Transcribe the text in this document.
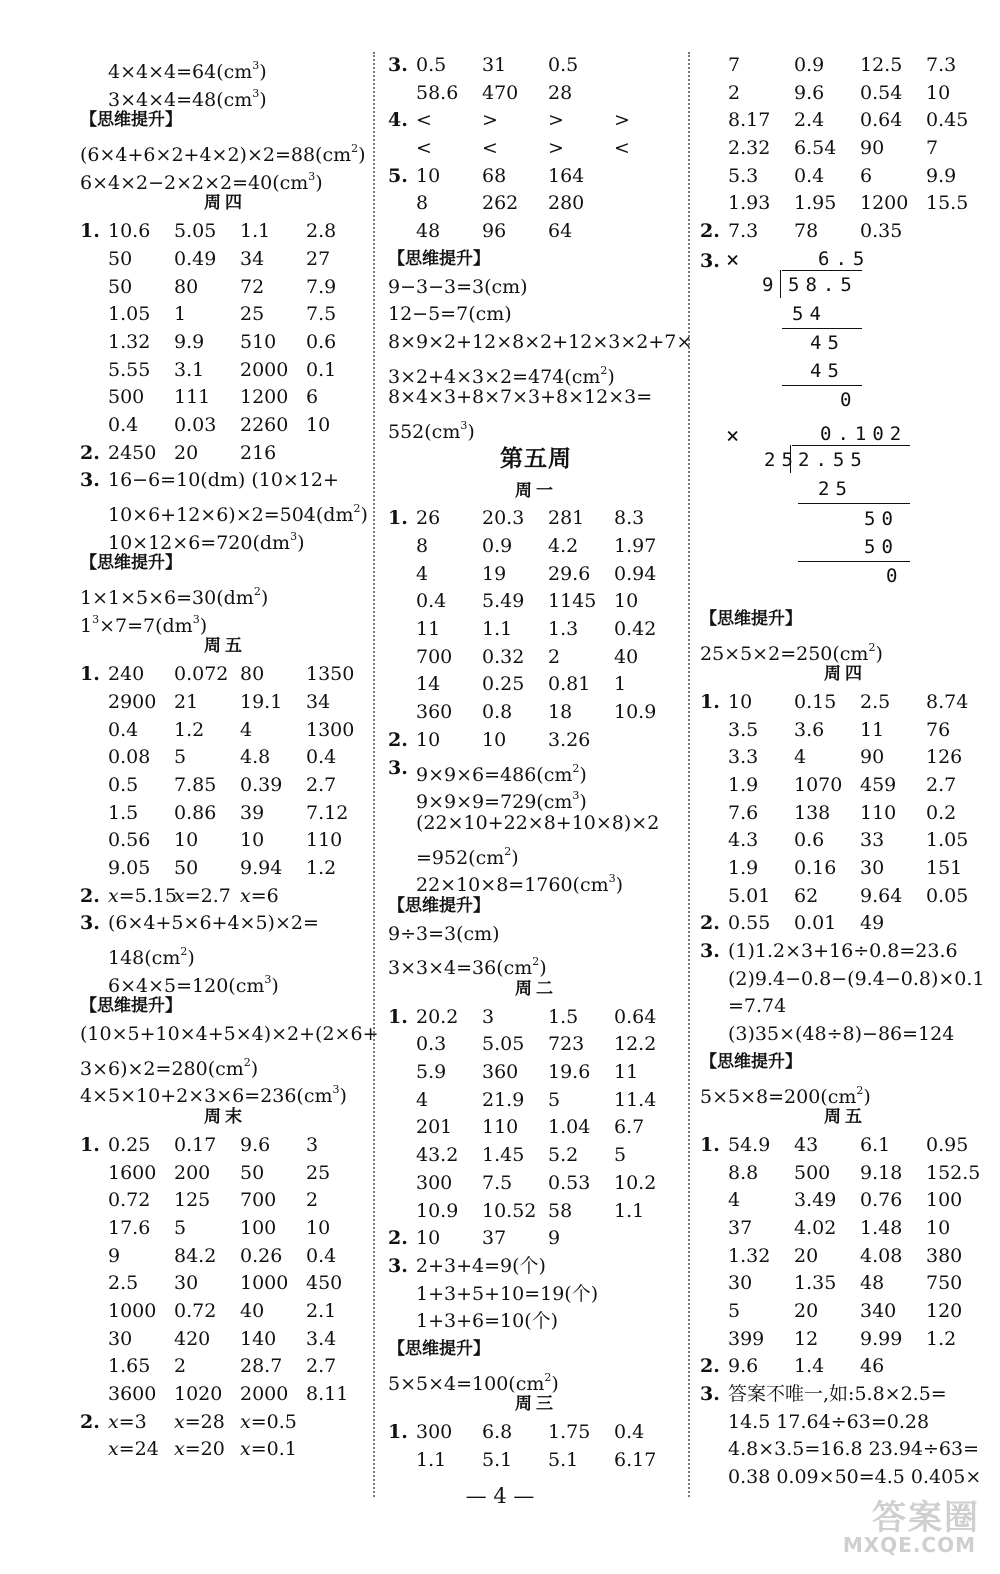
$4\times 4\times 4=64(cm^3)$
$3\times 4\times 4=48(cm^3)$
【思维提升】
$(6\times 4+6\times 2+4\times 2)\times 2=88(cm^2)$
$6\times 4\times 2-2\times 2\times 2=40(cm^3)$
周四
1. 10.6 5.05 1.1 2.8
50 0.49 34 27
50 80 72 7.9
1.05 1	25 7.5
1.32 9.9 510 0.6
5.55 3.1 2000 0.1
500 111 1200 6
0.4 0.03 2260 10
2. 2450 20 216
3. 16−6=10(dm) (10×12+
$10\times 6+12\times 6)\times 2=504(dm^2)$
$10\times 12\times 6=720(dm^3)$
【思维提升】
$1\times 1\times 5\times 6=30(dm^2)$
$1^3\times 7=7(dm^3)$
周五
1. 240 0.072 80 1350
2900 21 19.1 34
0.4 1.2 4	1300
0.08 5	4.8 0.4
0.5 7.85 0.39 2.7
1.5 0.86 39 7.12
0.56 10 10 110
9.05 50 9.94 1.2
2. x=5.15
x=2.7 x=6
3. (6×4+5×6+4×5)×2=
$148(cm^2)$
$6\times 4\times 5=120(cm^3)$
【思维提升】
(10×5+10×4+5×4)×2+(2×6+
$3\times 6)\times 2=280(cm^2)$
$4\times 5\times 10+2\times 3\times 6=236(cm^3)$
周末
1. 0.25 0.17 9.6 3
1600 200 50 25
0.72 125 700 2
17.6 5	100 10
9	84.2 0.26 0.4
2.5 30 1000 450
1000 0.72 40 2.1
30 420 140 3.4
1.65 2	28.7 2.7
3600 1020 2000 8.11
2. x=3 x=28 x=0.5
x=24 x=20 x=0.1
3. 0.5 31 0.5
58.6 470 28
4. <	>	>	>
<	<	>	<
5. 10 68 164
8	262 280
48 96 64
【思维提升】
9−3−3=3(cm)
12−5=7(cm)
8×9×2+12×8×2+12×3×2+7×
$3\times 2+4\times 3\times 2=474(cm^2)$
8×4×3+8×7×3+8×12×3=
$552(cm^3)$
第五周
周一
1. 26 20.3 281 8.3
8	0.9 4.2 1.97
4	19 29.6 0.94
0.4 5.49 1145 10
11 1.1 1.3 0.42
700 0.32 2	40
14 0.25 0.81 1
360 0.8 18 10.9
2. 10 10 3.26
3. $9\times 9\times 6=486(cm^2)$
$9\times 9\times 9=729(cm^3)$
(22×10+22×8+10×8)×2
$=952(cm^2)$
$22\times 10\times 8=1760(cm^3)$
【思维提升】
9÷3=3(cm)
$3\times 3\times 4=36(cm^2)$
周二
1. 20.2 3	1.5 0.64
0.3 5.05 723 12.2
5.9 360 19.6 11
4	21.9 5	11.4
201 110 1.04 6.7
43.2 1.45 5.2 5
300 7.5 0.53 10.2
10.9 10.52 58 1.1
2. 10 37 9
3. 2+3+4=9(个)
1+3+5+10=19(个)
1+3+6=10(个)
【思维提升】
$5\times 5\times 4=100(cm^2)$
周三
1. 300 6.8 1.75 0.4
1.1 5.1 5.1 6.17
7	0.9 12.5 7.3
2	9.6 0.54 10
8.17 2.4 0.64 0.45
2.32 6.54 90 7
5.3 0.4 6	9.9
1.93 1.95 1200 15.5
2. 7.3 78 0.35
3. ×	6.5
9 58.5
54
45
45
0
×	0.102
25 2.55
25
50
50
0
【思维提升】
$25\times 5\times 2=250(cm^2)$
周四
1. 10 0.15 2.5 8.74
3.5 3.6 11 76
3.3 4	90 126
1.9 1070 459 2.7
7.6 138 110 0.2
4.3 0.6 33 1.05
1.9 0.16 30 151
5.01 62 9.64 0.05
2. 0.55 0.01 49
3. (1)1.2×3+16÷0.8=23.6
(2)9.4−0.8−(9.4−0.8)×0.1
=7.74
(3)35×(48÷8)−86=124
【思维提升】
$5\times 5\times 8=200(cm^2)$
周五
1. 54.9 43 6.1 0.95
8.8 500 9.18 152.5
4	3.49 0.76 100
37 4.02 1.48 10
1.32 20 4.08 380
30 1.35 48 750
5	20 340 120
399 12 9.99 1.2
2. 9.6 1.4 46
3. 答案不唯一,如:5.8×2.5=
14.5 17.64÷63=0.28
4.8×3.5=16.8 23.94÷63=
0.38 0.09×50=4.5 0.405×
— 4 —
答案圈
MXQE.COM
